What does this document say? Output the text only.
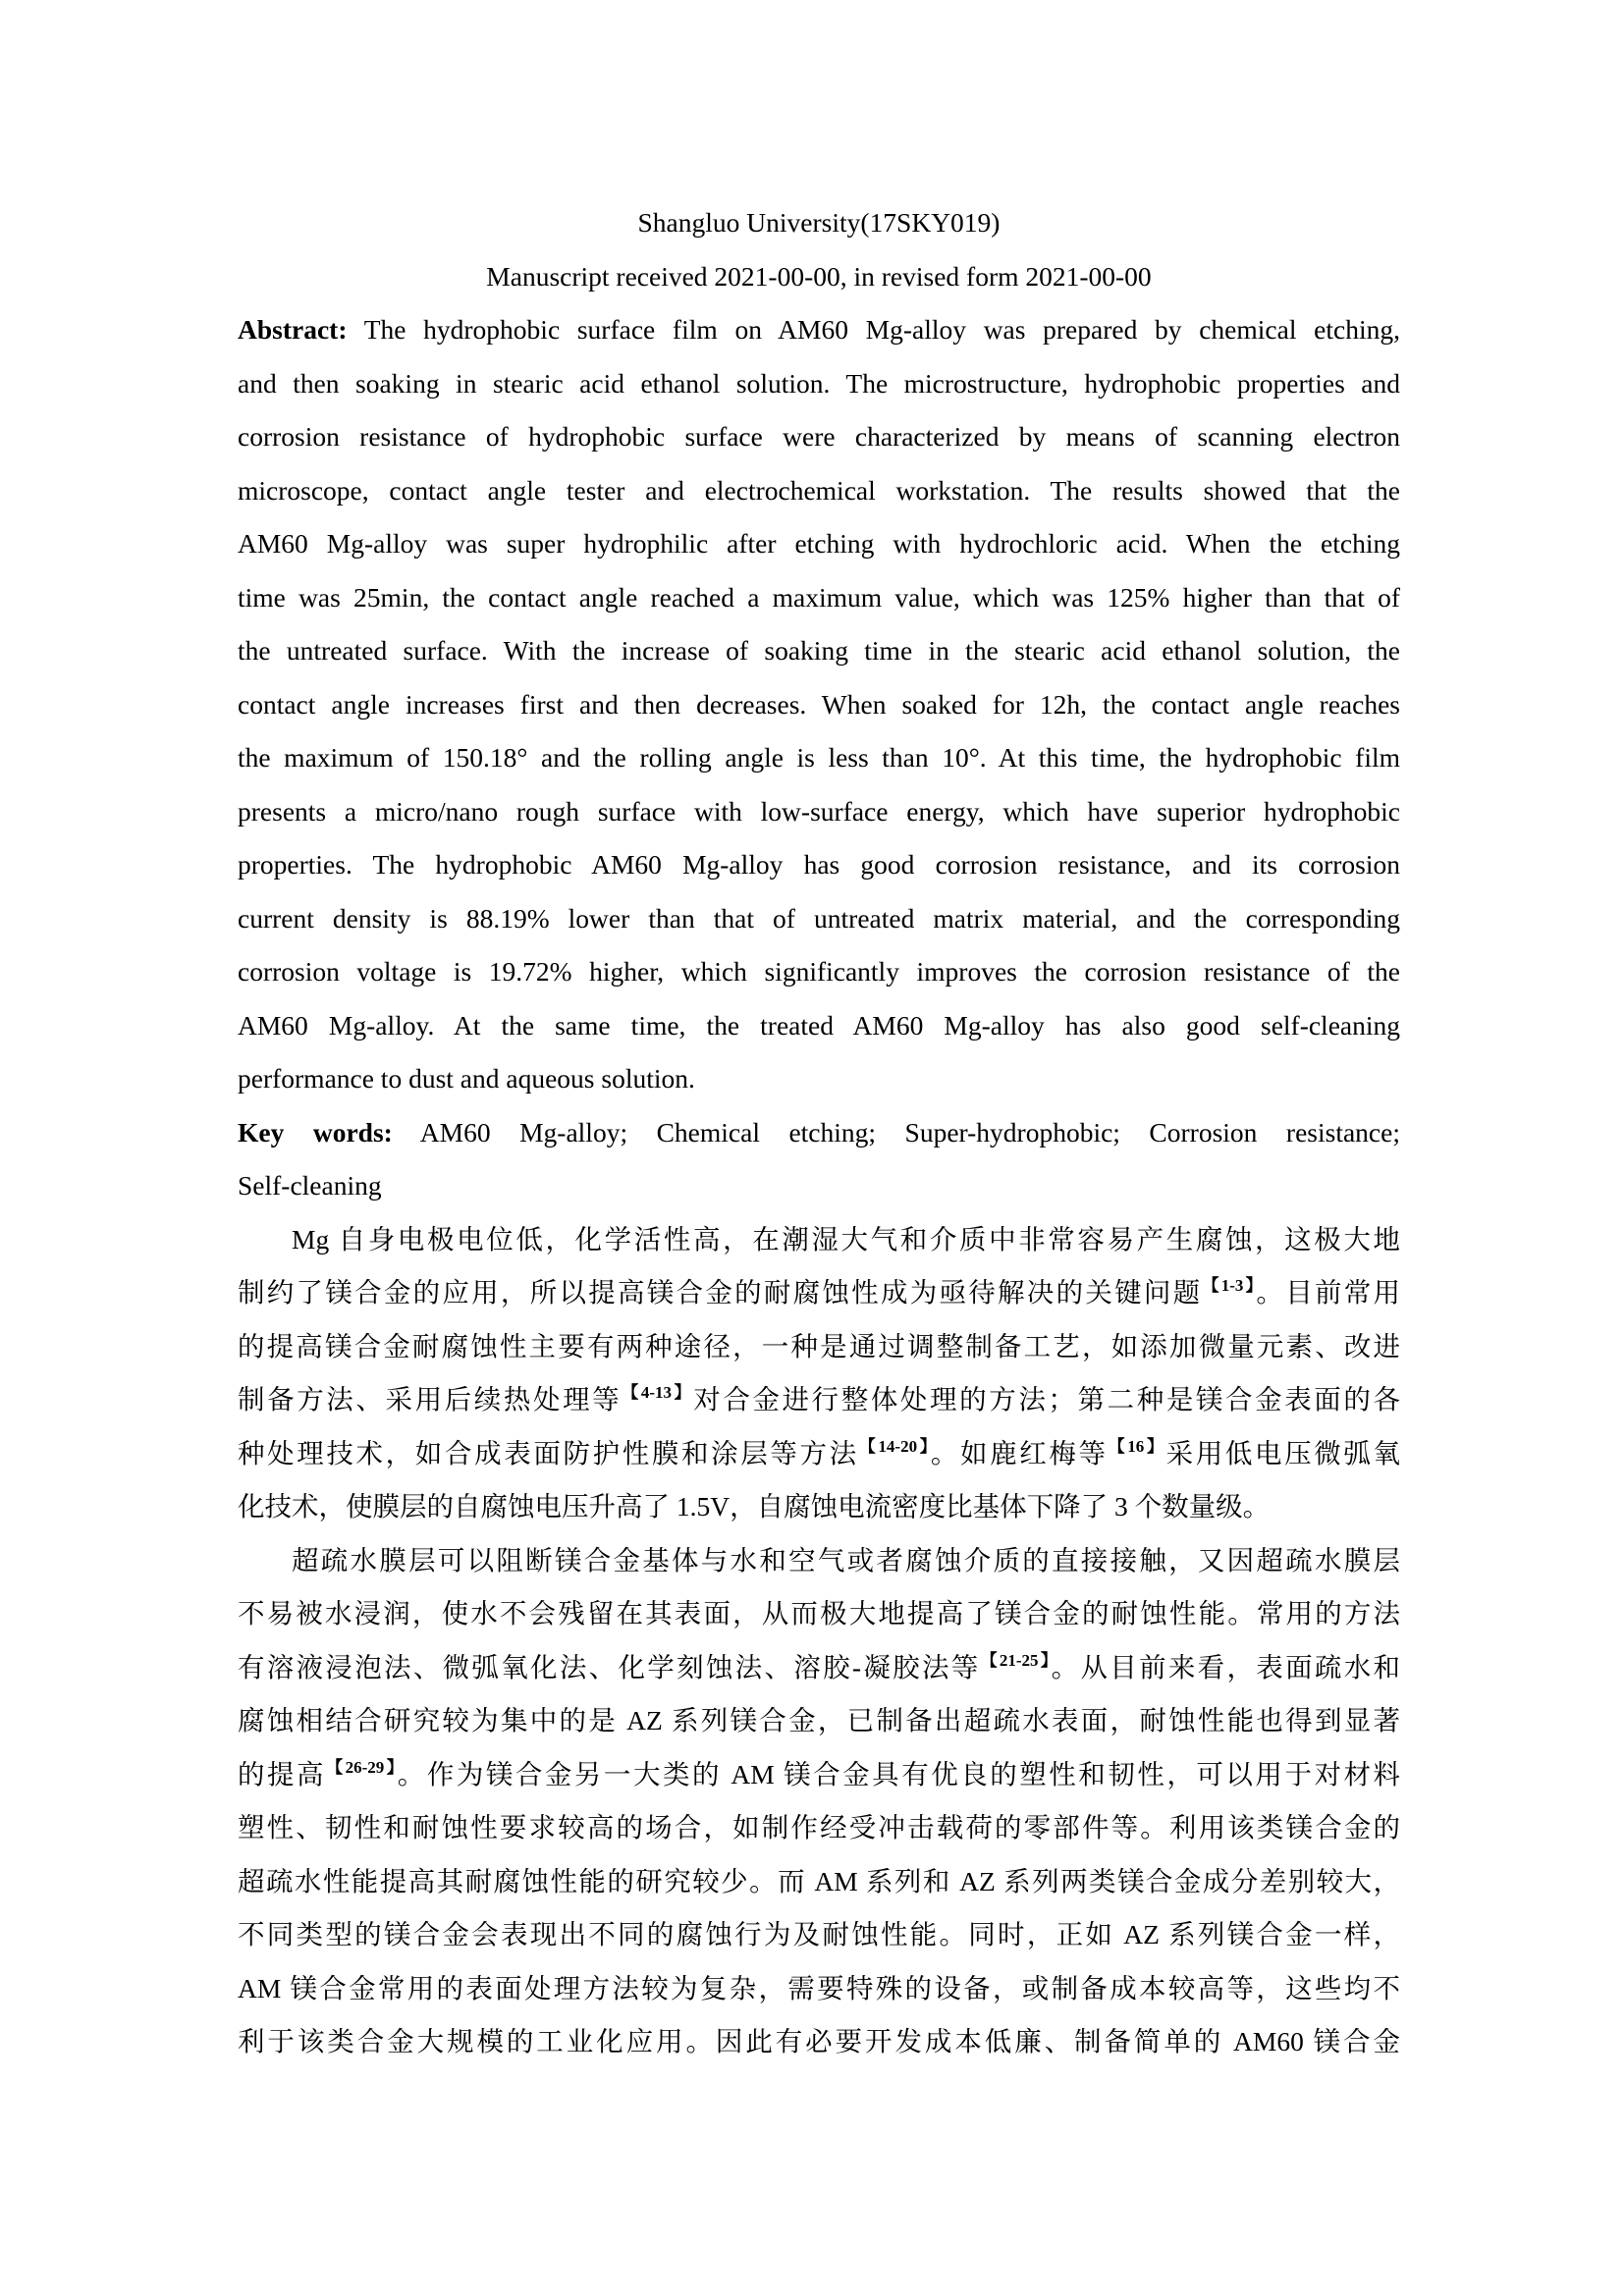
Shangluo University(17SKY019)
Manuscript received 2021-00-00, in revised form 2021-00-00
Abstract: The hydrophobic surface film on AM60 Mg-alloy was prepared by chemical etching,
and then soaking in stearic acid ethanol solution. The microstructure, hydrophobic properties and
corrosion resistance of hydrophobic surface were characterized by means of scanning electron
microscope, contact angle tester and electrochemical workstation. The results showed that the
AM60 Mg-alloy was super hydrophilic after etching with hydrochloric acid. When the etching
time was 25min, the contact angle reached a maximum value, which was 125% higher than that of
the untreated surface. With the increase of soaking time in the stearic acid ethanol solution, the
contact angle increases first and then decreases. When soaked for 12h, the contact angle reaches
the maximum of 150.18° and the rolling angle is less than 10°. At this time, the hydrophobic film
presents a micro/nano rough surface with low-surface energy, which have superior hydrophobic
properties. The hydrophobic AM60 Mg-alloy has good corrosion resistance, and its corrosion
current density is 88.19% lower than that of untreated matrix material, and the corresponding
corrosion voltage is 19.72% higher, which significantly improves the corrosion resistance of the
AM60 Mg-alloy. At the same time, the treated AM60 Mg-alloy has also good self-cleaning
performance to dust and aqueous solution.
Key words: AM60 Mg-alloy; Chemical etching; Super-hydrophobic; Corrosion resistance;
Self-cleaning
Mg 自身电极电位低，化学活性高，在潮湿大气和介质中非常容易产生腐蚀，这极大地
制约了镁合金的应用，所以提高镁合金的耐腐蚀性成为亟待解决的关键问题$^{【1-3】}$。目前常用
的提高镁合金耐腐蚀性主要有两种途径，一种是通过调整制备工艺，如添加微量元素、改进
制备方法、采用后续热处理等$^{【4-13】}$对合金进行整体处理的方法；第二种是镁合金表面的各
种处理技术，如合成表面防护性膜和涂层等方法$^{【14-20】}$。如鹿红梅等$^{【16】}$采用低电压微弧氧
化技术，使膜层的自腐蚀电压升高了 1.5V，自腐蚀电流密度比基体下降了 3 个数量级。
超疏水膜层可以阻断镁合金基体与水和空气或者腐蚀介质的直接接触，又因超疏水膜层
不易被水浸润，使水不会残留在其表面，从而极大地提高了镁合金的耐蚀性能。常用的方法
有溶液浸泡法、微弧氧化法、化学刻蚀法、溶胶-凝胶法等$^{【21-25】}$。从目前来看，表面疏水和
腐蚀相结合研究较为集中的是 AZ 系列镁合金，已制备出超疏水表面，耐蚀性能也得到显著
的提高$^{【26-29】}$。作为镁合金另一大类的 AM 镁合金具有优良的塑性和韧性，可以用于对材料
塑性、韧性和耐蚀性要求较高的场合，如制作经受冲击载荷的零部件等。利用该类镁合金的
超疏水性能提高其耐腐蚀性能的研究较少。而 AM 系列和 AZ 系列两类镁合金成分差别较大，
不同类型的镁合金会表现出不同的腐蚀行为及耐蚀性能。同时，正如 AZ 系列镁合金一样，
AM 镁合金常用的表面处理方法较为复杂，需要特殊的设备，或制备成本较高等，这些均不
利于该类合金大规模的工业化应用。因此有必要开发成本低廉、制备简单的 AM60 镁合金
